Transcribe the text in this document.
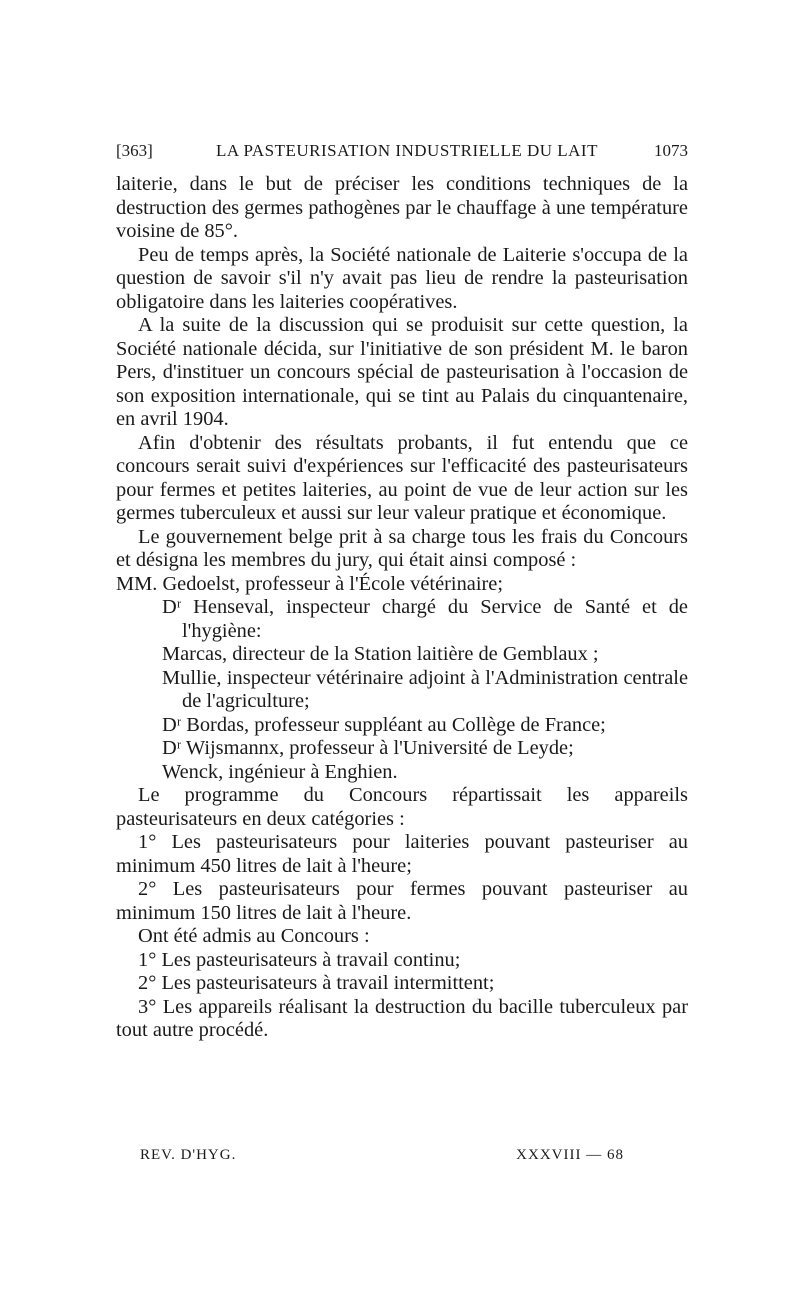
[363]	LA PASTEURISATION INDUSTRIELLE DU LAIT	1073

laiterie, dans le but de préciser les conditions techniques de la destruction des germes pathogènes par le chauffage à une température voisine de 85°.

Peu de temps après, la Société nationale de Laiterie s'occupa de la question de savoir s'il n'y avait pas lieu de rendre la pasteurisation obligatoire dans les laiteries coopératives.

A la suite de la discussion qui se produisit sur cette question, la Société nationale décida, sur l'initiative de son président M. le baron Pers, d'instituer un concours spécial de pasteurisation à l'occasion de son exposition internationale, qui se tint au Palais du cinquantenaire, en avril 1904.

Afin d'obtenir des résultats probants, il fut entendu que ce concours serait suivi d'expériences sur l'efficacité des pasteurisateurs pour fermes et petites laiteries, au point de vue de leur action sur les germes tuberculeux et aussi sur leur valeur pratique et économique.

Le gouvernement belge prit à sa charge tous les frais du Concours et désigna les membres du jury, qui était ainsi composé :

MM. Gedoelst, professeur à l'École vétérinaire;

Dʳ Henseval, inspecteur chargé du Service de Santé et de l'hygiène:
Marcas, directeur de la Station laitière de Gemblaux ;
Mullie, inspecteur vétérinaire adjoint à l'Administration centrale de l'agriculture;
Dʳ Bordas, professeur suppléant au Collège de France;
Dʳ Wijsmannx, professeur à l'Université de Leyde;
Wenck, ingénieur à Enghien.

Le programme du Concours répartissait les appareils pasteurisateurs en deux catégories :

1° Les pasteurisateurs pour laiteries pouvant pasteuriser au minimum 450 litres de lait à l'heure;

2° Les pasteurisateurs pour fermes pouvant pasteuriser au minimum 150 litres de lait à l'heure.

Ont été admis au Concours :

1° Les pasteurisateurs à travail continu;

2° Les pasteurisateurs à travail intermittent;

3° Les appareils réalisant la destruction du bacille tuberculeux par tout autre procédé.

REV. D'HYG.	XXXVIII — 68
